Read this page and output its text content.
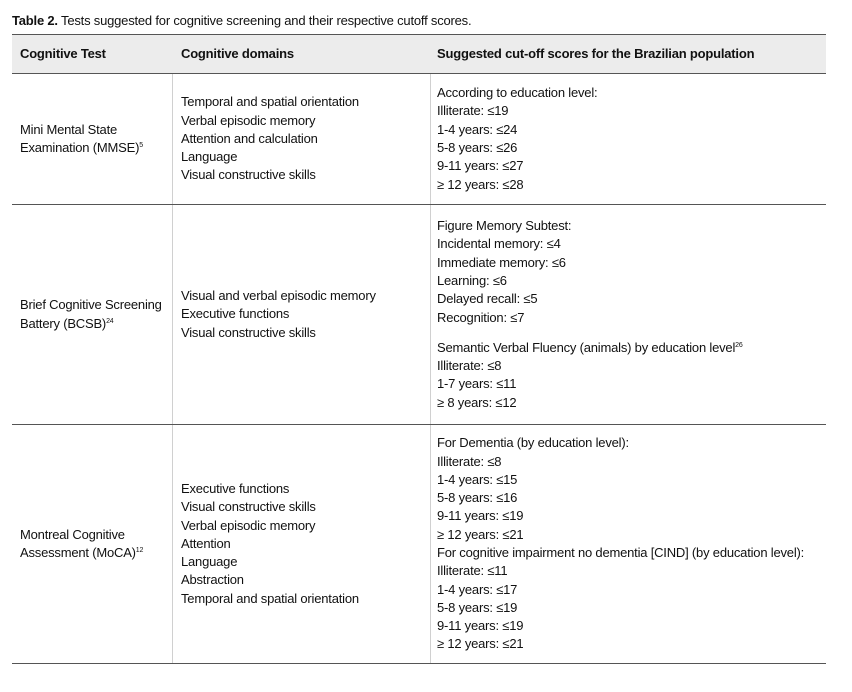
Table 2. Tests suggested for cognitive screening and their respective cutoff scores.
Cognitive Test	Cognitive domains	Suggested cut-off scores for the Brazilian population
Mini Mental State
Examination (MMSE)$^5$
Temporal and spatial orientation
Verbal episodic memory
Attention and calculation
Language
Visual constructive skills
According to education level:
Illiterate: ≤19
1-4 years: ≤24
5-8 years: ≤26
9-11 years: ≤27
≥ 12 years: ≤28
Brief Cognitive Screening
Battery (BCSB)$^{24}$
Visual and verbal episodic memory
Executive functions
Visual constructive skills
Figure Memory Subtest:
Incidental memory: ≤4
Immediate memory: ≤6
Learning: ≤6
Delayed recall: ≤5
Recognition: ≤7
Semantic Verbal Fluency (animals) by education level$^{26}$
Illiterate: ≤8
1-7 years: ≤11
≥ 8 years: ≤12
Montreal Cognitive
Assessment (MoCA)$^{12}$
Executive functions
Visual constructive skills
Verbal episodic memory
Attention
Language
Abstraction
Temporal and spatial orientation
For Dementia (by education level):
Illiterate: ≤8
1-4 years: ≤15
5-8 years: ≤16
9-11 years: ≤19
≥ 12 years: ≤21
For cognitive impairment no dementia [CIND] (by education level):
Illiterate: ≤11
1-4 years: ≤17
5-8 years: ≤19
9-11 years: ≤19
≥ 12 years: ≤21
